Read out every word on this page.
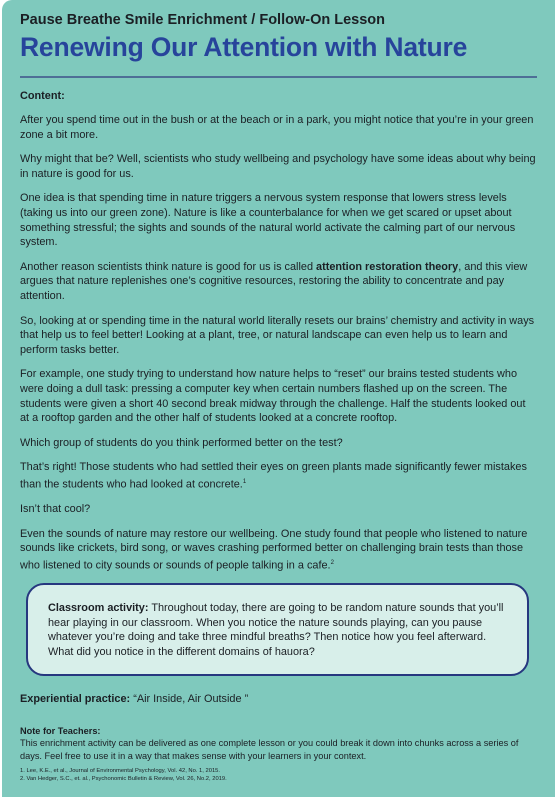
Pause Breathe Smile Enrichment / Follow-On Lesson

Renewing Our Attention with Nature

Content:

After you spend time out in the bush or at the beach or in a park, you might notice that you’re in your green zone a bit more.

Why might that be? Well, scientists who study wellbeing and psychology have some ideas about why being in nature is good for us.

One idea is that spending time in nature triggers a nervous system response that lowers stress levels (taking us into our green zone). Nature is like a counterbalance for when we get scared or upset about something stressful; the sights and sounds of the natural world activate the calming part of our nervous system.

Another reason scientists think nature is good for us is called attention restoration theory, and this view argues that nature replenishes one’s cognitive resources, restoring the ability to concentrate and pay attention.

So, looking at or spending time in the natural world literally resets our brains’ chemistry and activity in ways that help us to feel better! Looking at a plant, tree, or natural landscape can even help us to learn and perform tasks better.

For example, one study trying to understand how nature helps to “reset” our brains tested students who were doing a dull task: pressing a computer key when certain numbers flashed up on the screen. The students were given a short 40 second break midway through the challenge. Half the students looked out at a rooftop garden and the other half of students looked at a concrete rooftop.

Which group of students do you think performed better on the test?

That’s right! Those students who had settled their eyes on green plants made significantly fewer mistakes than the students who had looked at concrete.$^1$

Isn’t that cool?

Even the sounds of nature may restore our wellbeing. One study found that people who listened to nature sounds like crickets, bird song, or waves crashing performed better on challenging brain tests than those who listened to city sounds or sounds of people talking in a cafe.$^2$

Classroom activity: Throughout today, there are going to be random nature sounds that you’ll hear playing in our classroom. When you notice the nature sounds playing, can you pause whatever you’re doing and take three mindful breaths? Then notice how you feel afterward. What did you notice in the different domains of hauora?
Experiential practice: “Air Inside, Air Outside ”
Note for Teachers:
This enrichment activity can be delivered as one complete lesson or you could break it down into chunks across a series of days. Feel free to use it in a way that makes sense with your learners in your context.
1. Lee, K.E., et al., Journal of Environmental Psychology, Vol. 42, No. 1, 2015.
2. Van Hedger, S.C., et. al., Psychonomic Bulletin & Review, Vol. 26, No.2, 2019.
